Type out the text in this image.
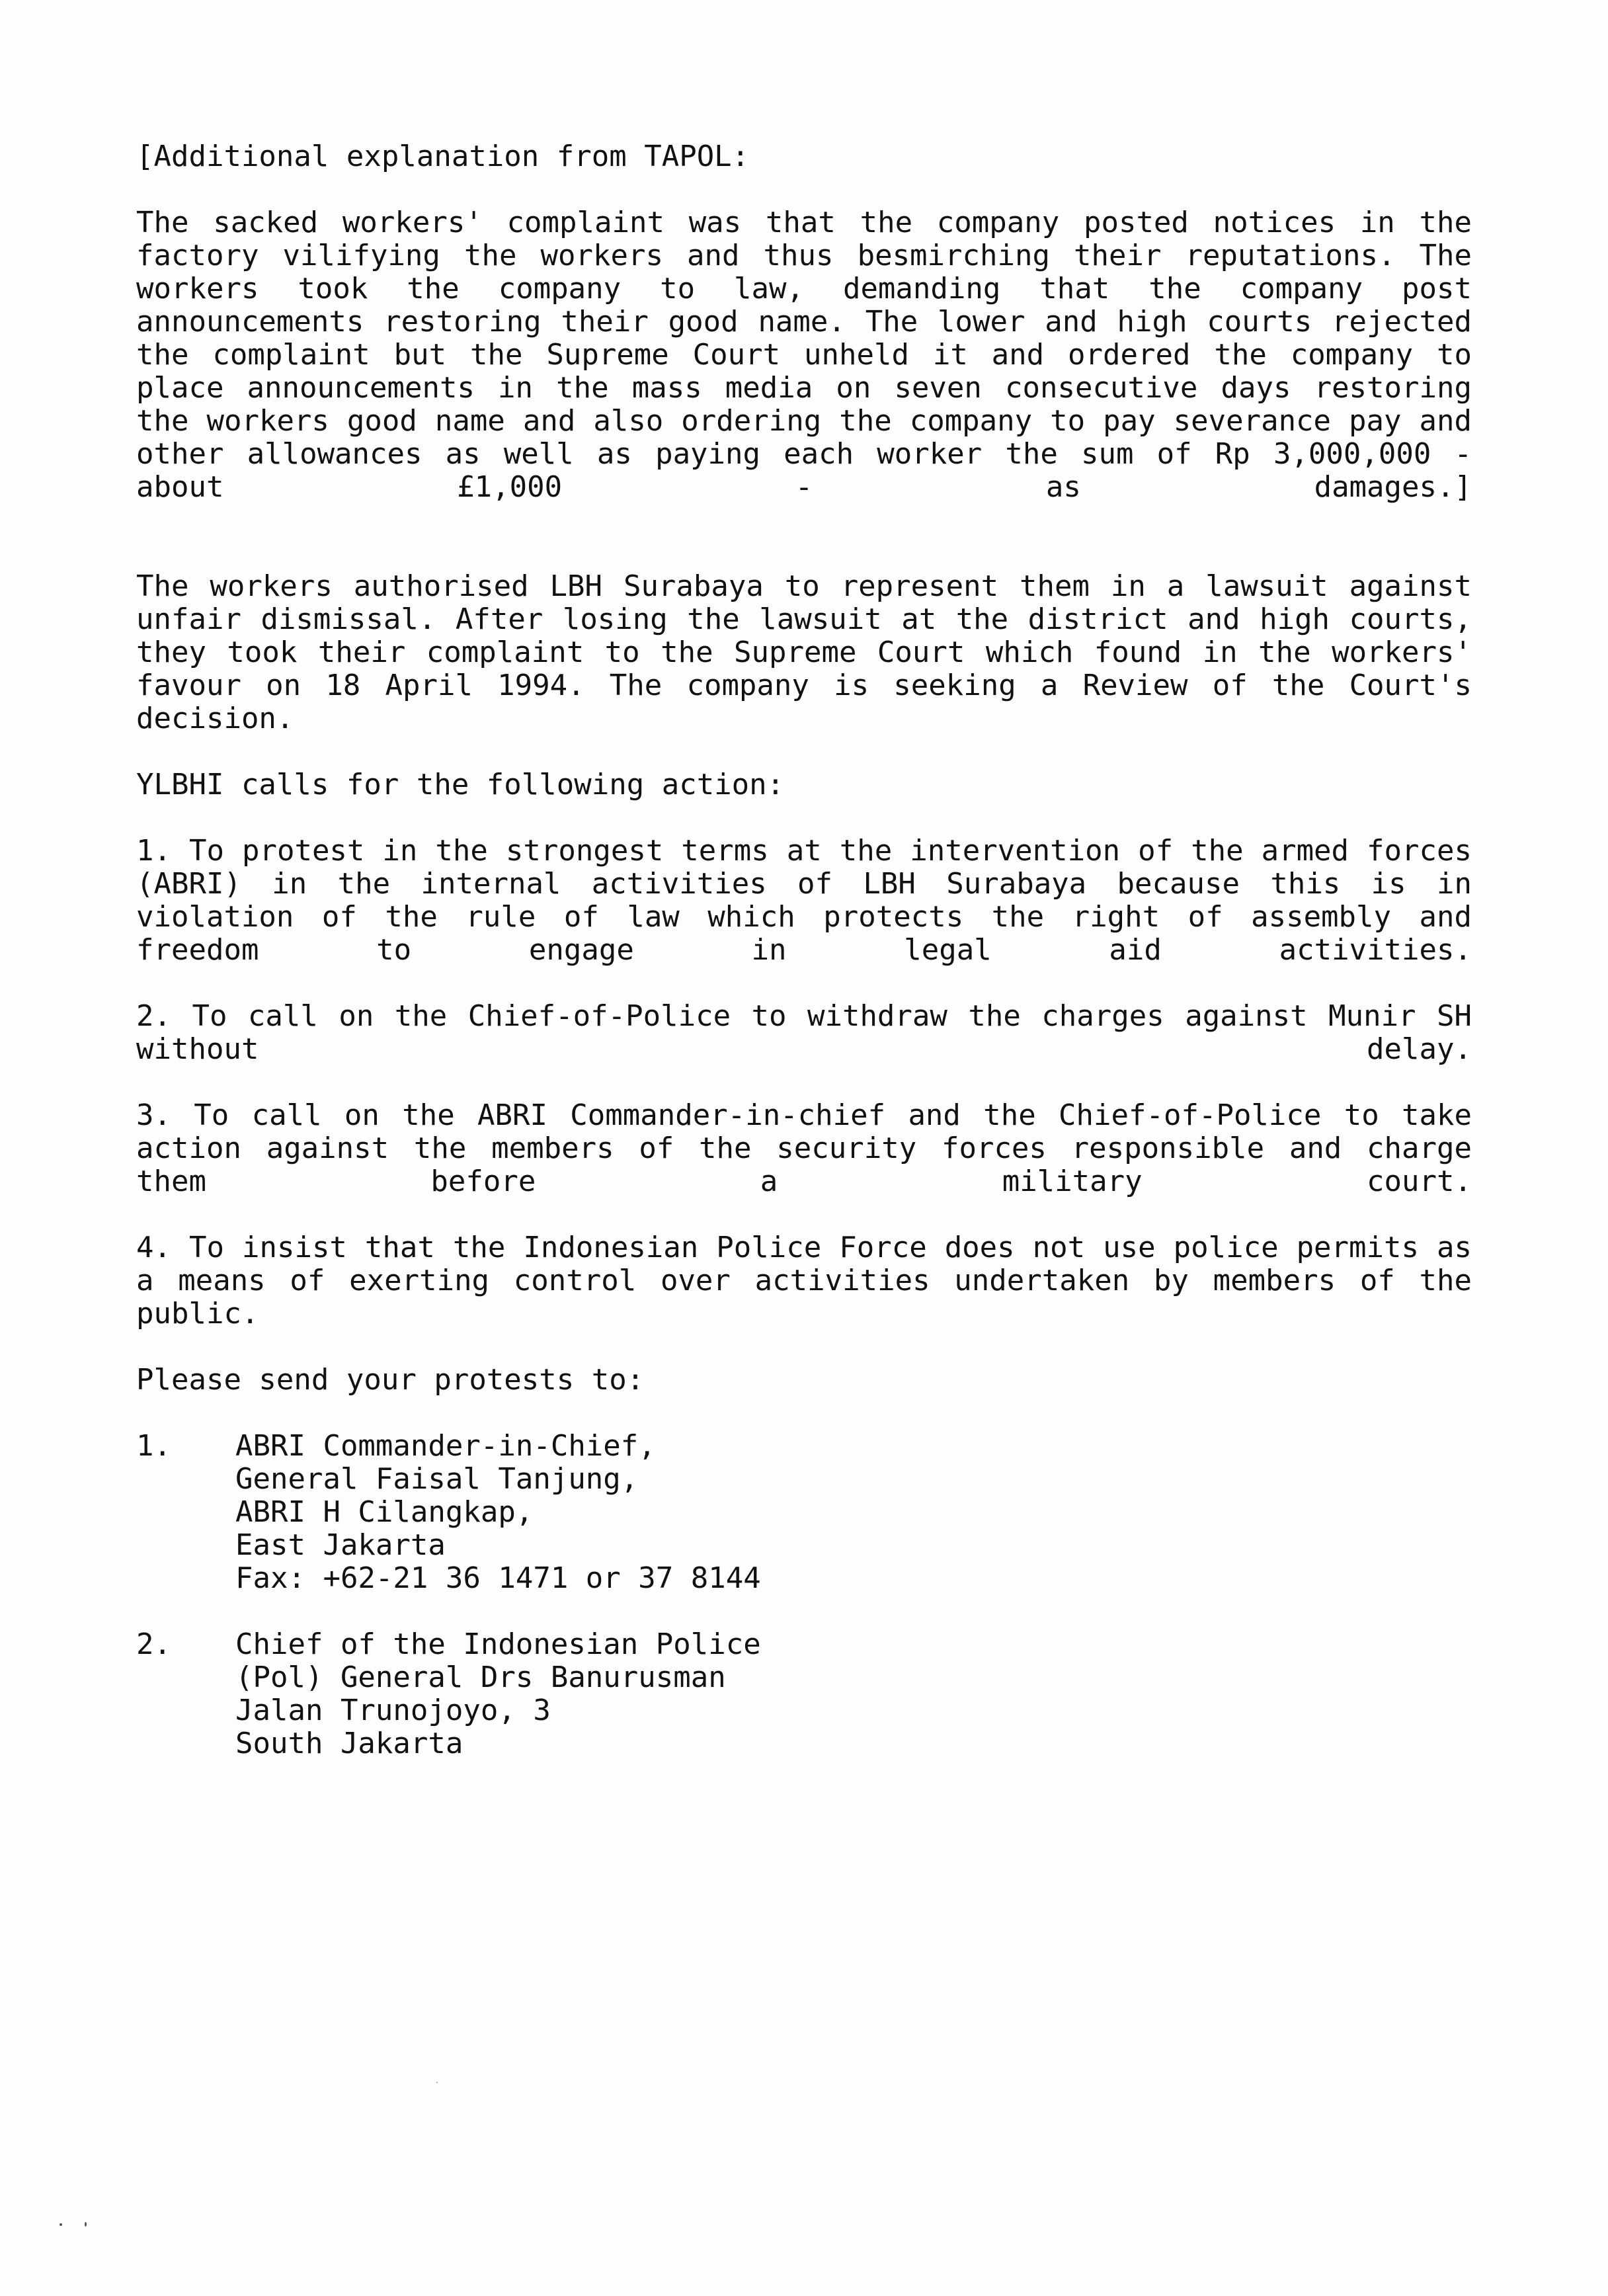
[Additional explanation from TAPOL:

The sacked workers' complaint was that the company posted notices in the factory vilifying the workers and thus besmirching their reputations. The workers took the company to law, demanding that the company post announcements restoring their good name. The lower and high courts rejected the complaint but the Supreme Court unheld it and ordered the company to place announcements in the mass media on seven consecutive days restoring the workers good name and also ordering the company to pay severance pay and other allowances as well as paying each worker the sum of Rp 3,000,000 - about £1,000 - as damages.]

The workers authorised LBH Surabaya to represent them in a lawsuit against unfair dismissal. After losing the lawsuit at the district and high courts, they took their complaint to the Supreme Court which found in the workers' favour on 18 April 1994. The company is seeking a Review of the Court's decision.

YLBHI calls for the following action:

1. To protest in the strongest terms at the intervention of the armed forces (ABRI) in the internal activities of LBH Surabaya because this is in violation of the rule of law which protects the right of assembly and freedom to engage in legal aid activities.

2. To call on the Chief-of-Police to withdraw the charges against Munir SH without delay.

3. To call on the ABRI Commander-in-chief and the Chief-of-Police to take action against the members of the security forces responsible and charge them before a military court.

4. To insist that the Indonesian Police Force does not use police permits as a means of exerting control over activities undertaken by members of the public.

Please send your protests to:

1.	ABRI Commander-in-Chief,
General Faisal Tanjung,
ABRI H Cilangkap,
East Jakarta
Fax: +62-21 36 1471 or 37 8144
2.	Chief of the Indonesian Police
(Pol) General Drs Banurusman
Jalan Trunojoyo, 3
South Jakarta
